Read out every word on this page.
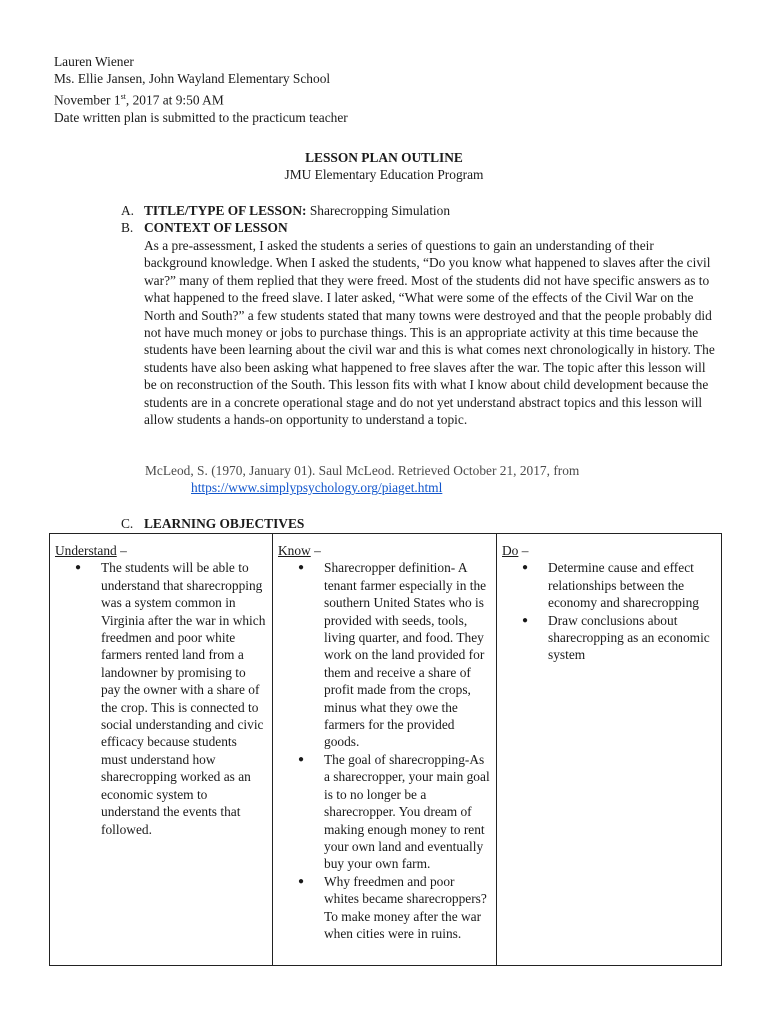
Lauren Wiener
Ms. Ellie Jansen, John Wayland Elementary School
November 1st, 2017 at 9:50 AM
Date written plan is submitted to the practicum teacher
LESSON PLAN OUTLINE
JMU Elementary Education Program
A. TITLE/TYPE OF LESSON: Sharecropping Simulation
B. CONTEXT OF LESSON
As a pre-assessment, I asked the students a series of questions to gain an understanding of their background knowledge. When I asked the students, “Do you know what happened to slaves after the civil war?” many of them replied that they were freed. Most of the students did not have specific answers as to what happened to the freed slave. I later asked, “What were some of the effects of the Civil War on the North and South?” a few students stated that many towns were destroyed and that the people probably did not have much money or jobs to purchase things. This is an appropriate activity at this time because the students have been learning about the civil war and this is what comes next chronologically in history. The students have also been asking what happened to free slaves after the war. The topic after this lesson will be on reconstruction of the South. This lesson fits with what I know about child development because the students are in a concrete operational stage and do not yet understand abstract topics and this lesson will allow students a hands-on opportunity to understand a topic.
McLeod, S. (1970, January 01). Saul McLeod. Retrieved October 21, 2017, from
https://www.simplypsychology.org/piaget.html
C. LEARNING OBJECTIVES
Understand –
● The students will be able to understand that sharecropping was a system common in Virginia after the war in which freedmen and poor white farmers rented land from a landowner by promising to pay the owner with a share of the crop. This is connected to social understanding and civic efficacy because students must understand how sharecropping worked as an economic system to understand the events that followed.

Know –
● Sharecropper definition- A tenant farmer especially in the southern United States who is provided with seeds, tools, living quarter, and food. They work on the land provided for them and receive a share of profit made from the crops, minus what they owe the farmers for the provided goods.
● The goal of sharecropping-As a sharecropper, your main goal is to no longer be a sharecropper. You dream of making enough money to rent your own land and eventually buy your own farm.
● Why freedmen and poor whites became sharecroppers? To make money after the war when cities were in ruins.

Do –
● Determine cause and effect relationships between the economy and sharecropping
● Draw conclusions about sharecropping as an economic system
